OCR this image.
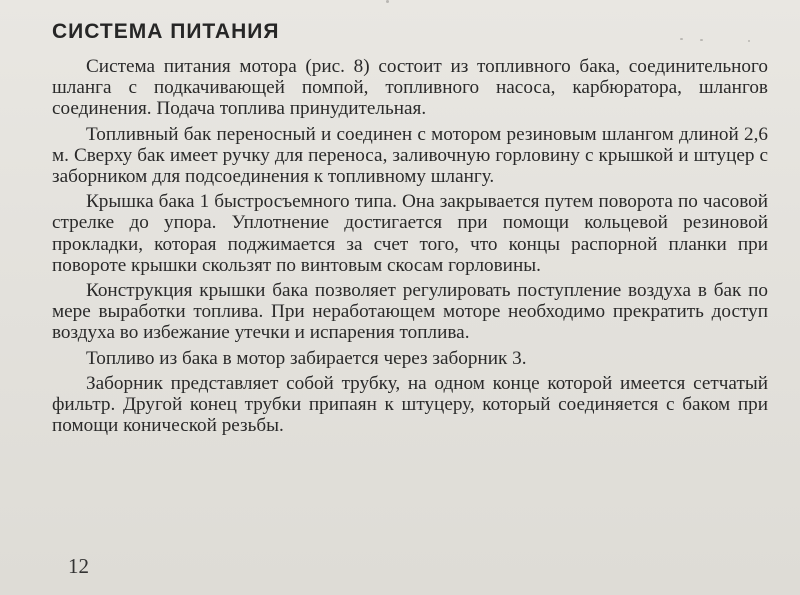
СИСТЕМА ПИТАНИЯ

Система питания мотора (рис. 8) состоит из топливного бака, соединительного шланга с подкачивающей помпой, топливного насоса, карбюратора, шлангов соединения. Подача топлива принудительная.

Топливный бак переносный и соединен с мотором резиновым шлангом длиной 2,6 м. Сверху бак имеет ручку для переноса, заливочную горловину с крышкой и штуцер с заборником для подсоединения к топливному шлангу.

Крышка бака 1 быстросъемного типа. Она закрывается путем поворота по часовой стрелке до упора. Уплотнение достигается при помощи кольцевой резиновой прокладки, которая поджимается за счет того, что концы распорной планки при повороте крышки скользят по винтовым скосам горловины.

Конструкция крышки бака позволяет регулировать поступление воздуха в бак по мере выработки топлива. При неработающем моторе необходимо прекратить доступ воздуха во избежание утечки и испарения топлива.

Топливо из бака в мотор забирается через заборник 3.

Заборник представляет собой трубку, на одном конце которой имеется сетчатый фильтр. Другой конец трубки припаян к штуцеру, который соединяется с баком при помощи конической резьбы.

12
